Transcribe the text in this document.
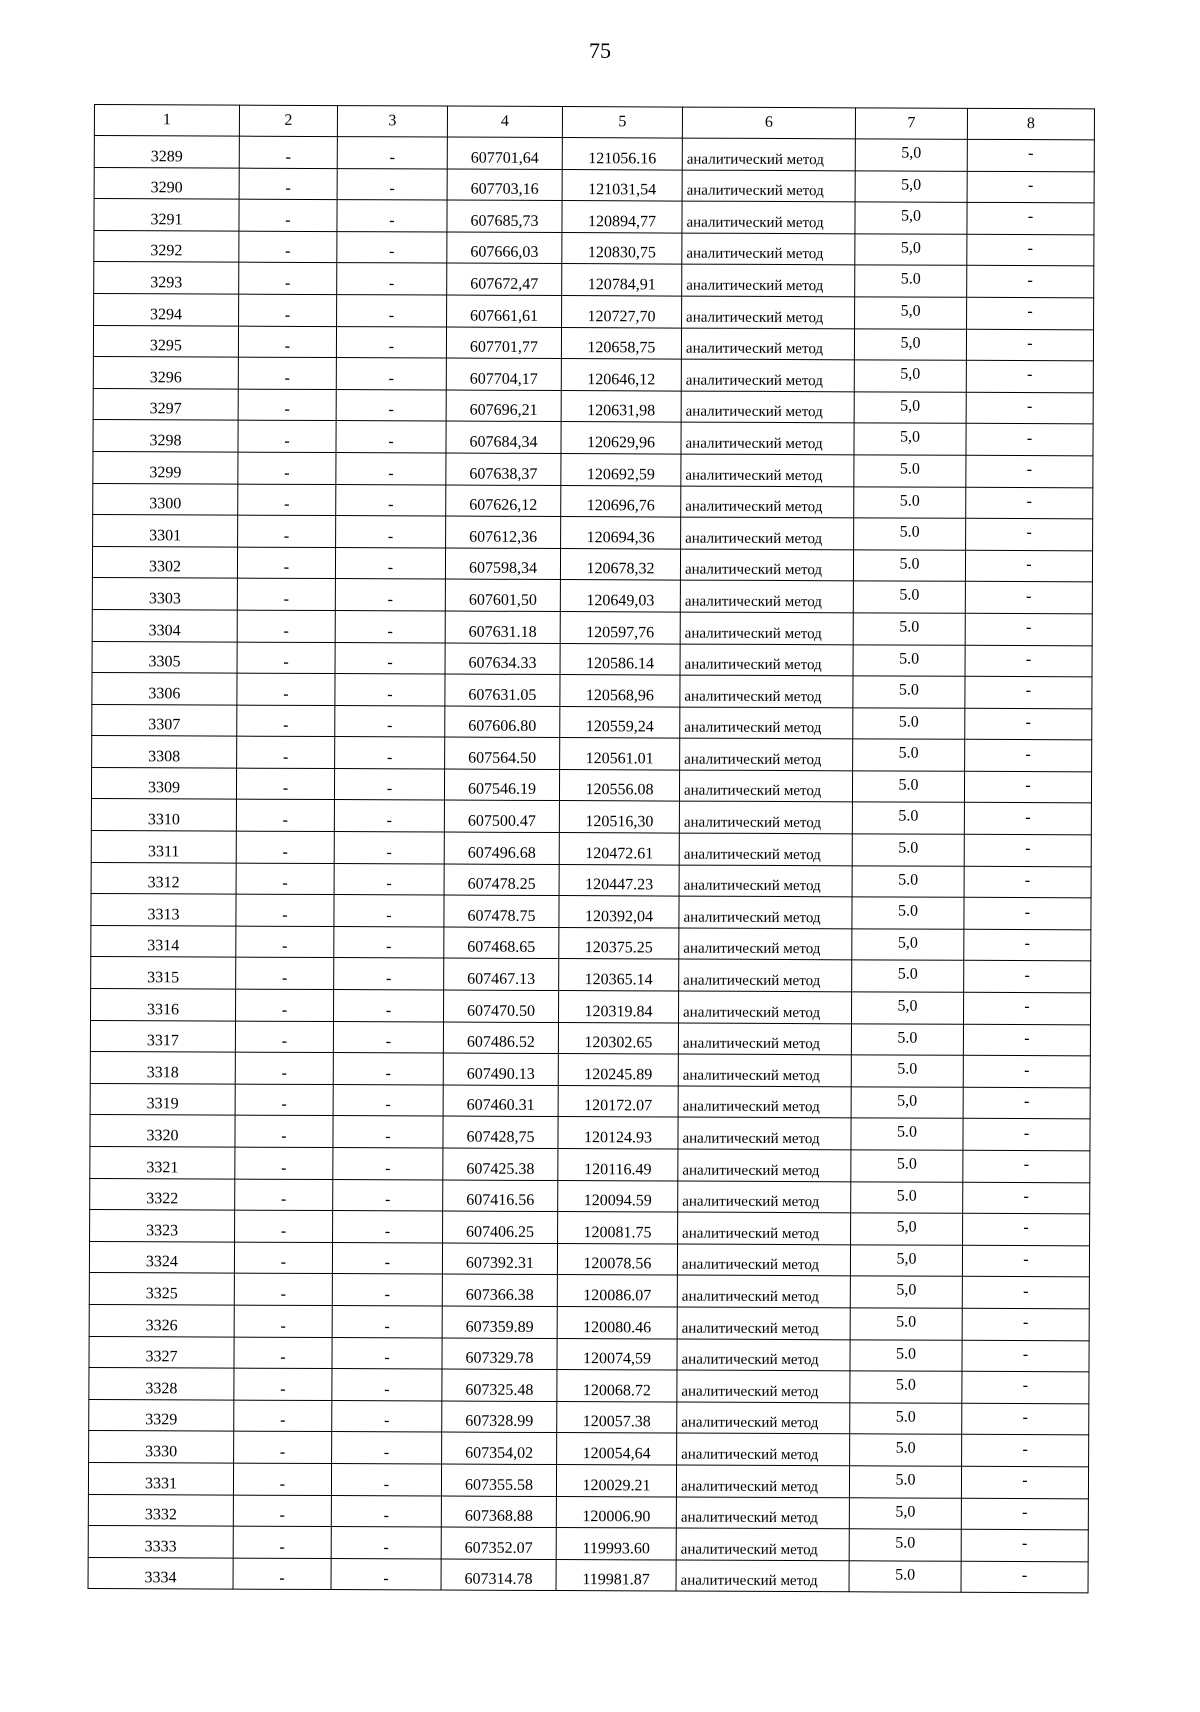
75
1	2	3	4	5	6	7	8

3289	-	-	607701,64	121056.16	аналитический метод	5,0	-

3290	-	-	607703,16	121031,54	аналитический метод	5,0	-

3291	-	-	607685,73	120894,77	аналитический метод	5,0	-

3292	-	-	607666,03	120830,75	аналитический метод	5,0	-

3293	-	-	607672,47	120784,91	аналитический метод	5.0	-

3294	-	-	607661,61	120727,70	аналитический метод	5,0	-

3295	-	-	607701,77	120658,75	аналитический метод	5,0	-

3296	-	-	607704,17	120646,12	аналитический метод	5,0	-

3297	-	-	607696,21	120631,98	аналитический метод	5,0	-

3298	-	-	607684,34	120629,96	аналитический метод	5,0	-

3299	-	-	607638,37	120692,59	аналитический метод	5.0	-

3300	-	-	607626,12	120696,76	аналитический метод	5.0	-

3301	-	-	607612,36	120694,36	аналитический метод	5.0	-

3302	-	-	607598,34	120678,32	аналитический метод	5.0	-

3303	-	-	607601,50	120649,03	аналитический метод	5.0	-

3304	-	-	607631.18	120597,76	аналитический метод	5.0	-

3305	-	-	607634.33	120586.14	аналитический метод	5.0	-

3306	-	-	607631.05	120568,96	аналитический метод	5.0	-

3307	-	-	607606.80	120559,24	аналитический метод	5.0	-

3308	-	-	607564.50	120561.01	аналитический метод	5.0	-

3309	-	-	607546.19	120556.08	аналитический метод	5.0	-

3310	-	-	607500.47	120516,30	аналитический метод	5.0	-

3311	-	-	607496.68	120472.61	аналитический метод	5.0	-

3312	-	-	607478.25	120447.23	аналитический метод	5.0	-

3313	-	-	607478.75	120392,04	аналитический метод	5.0	-

3314	-	-	607468.65	120375.25	аналитический метод	5,0	-

3315	-	-	607467.13	120365.14	аналитический метод	5.0	-

3316	-	-	607470.50	120319.84	аналитический метод	5,0	-

3317	-	-	607486.52	120302.65	аналитический метод	5.0	-

3318	-	-	607490.13	120245.89	аналитический метод	5.0	-

3319	-	-	607460.31	120172.07	аналитический метод	5,0	-

3320	-	-	607428,75	120124.93	аналитический метод	5.0	-

3321	-	-	607425.38	120116.49	аналитический метод	5.0	-

3322	-	-	607416.56	120094.59	аналитический метод	5.0	-

3323	-	-	607406.25	120081.75	аналитический метод	5,0	-

3324	-	-	607392.31	120078.56	аналитический метод	5,0	-

3325	-	-	607366.38	120086.07	аналитический метод	5,0	-

3326	-	-	607359.89	120080.46	аналитический метод	5.0	-

3327	-	-	607329.78	120074,59	аналитический метод	5.0	-

3328	-	-	607325.48	120068.72	аналитический метод	5.0	-

3329	-	-	607328.99	120057.38	аналитический метод	5.0	-

3330	-	-	607354,02	120054,64	аналитический метод	5.0	-

3331	-	-	607355.58	120029.21	аналитический метод	5.0	-

3332	-	-	607368.88	120006.90	аналитический метод	5,0	-

3333	-	-	607352.07	119993.60	аналитический метод	5.0	-

3334	-	-	607314.78	119981.87	аналитический метод	5.0	-
